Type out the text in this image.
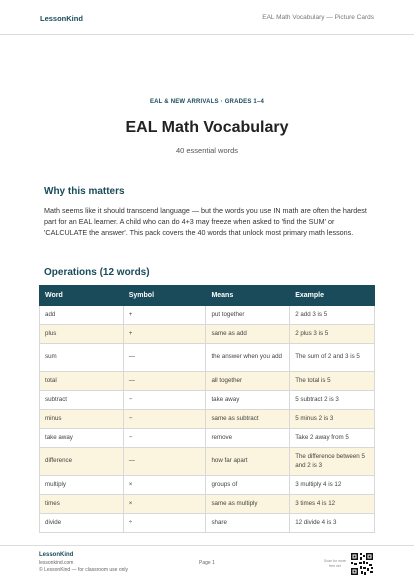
LessonKind	EAL Math Vocabulary — Picture Cards
EAL & NEW ARRIVALS · GRADES 1–4
EAL Math Vocabulary
40 essential words
Why this matters

Math seems like it should transcend language — but the words you use IN math are often the hardest part for an EAL learner. A child who can do 4+3 may freeze when asked to 'find the SUM' or 'CALCULATE the answer'. This pack covers the 40 words that unlock most primary math lessons.

Operations (12 words)
Word	Symbol	Means	Example
add	+	put together	2 add 3 is 5
plus	+	same as add	2 plus 3 is 5
sum	—	the answer when you add	The sum of 2 and 3 is 5
total	—	all together	The total is 5
subtract	−	take away	5 subtract 2 is 3
minus	−	same as subtract	5 minus 2 is 3
take away	−	remove	Take 2 away from 5
difference	—	how far apart	The difference between 5 and 2 is 3
multiply	×	groups of	3 multiply 4 is 12
times	×	same as multiply	3 times 4 is 12
divide	÷	share	12 divide 4 is 3
LessonKind
lessonkind.com
© LessonKind — for classroom use only
Page 1	Scan for more free set
